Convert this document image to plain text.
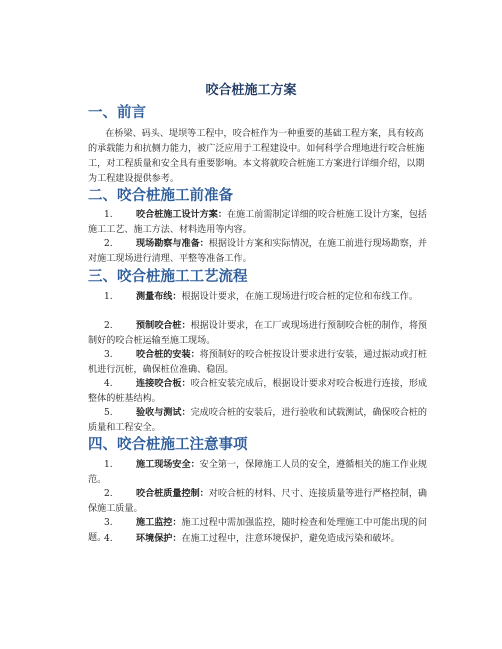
咬合桩施工方案
一、前言
在桥梁、码头、堤坝等工程中，咬合桩作为一种重要的基础工程方案，具有较高的承载能力和抗侧力能力，被广泛应用于工程建设中。如何科学合理地进行咬合桩施工，对工程质量和安全具有重要影响。本文将就咬合桩施工方案进行详细介绍，以期为工程建设提供参考。
二、咬合桩施工前准备
1.	咬合桩施工设计方案：在施工前需制定详细的咬合桩施工设计方案，包括施工工艺、施工方法、材料选用等内容。
2.	现场勘察与准备：根据设计方案和实际情况，在施工前进行现场勘察，并对施工现场进行清理、平整等准备工作。
三、咬合桩施工工艺流程
1.	测量布线：根据设计要求，在施工现场进行咬合桩的定位和布线工作。
2.	预制咬合桩：根据设计要求，在工厂或现场进行预制咬合桩的制作，将预制好的咬合桩运输至施工现场。
3.	咬合桩的安装：将预制好的咬合桩按设计要求进行安装，通过振动或打桩机进行沉桩，确保桩位准确、稳固。
4.	连接咬合板：咬合桩安装完成后，根据设计要求对咬合板进行连接，形成整体的桩基结构。
5.	验收与测试：完成咬合桩的安装后，进行验收和试载测试，确保咬合桩的质量和工程安全。
四、咬合桩施工注意事项
1.	施工现场安全：安全第一，保障施工人员的安全，遵循相关的施工作业规范。
2.	咬合桩质量控制：对咬合桩的材料、尺寸、连接质量等进行严格控制，确保施工质量。
3.	施工监控：施工过程中需加强监控，随时检查和处理施工中可能出现的问题。
4.	环境保护：在施工过程中，注意环境保护，避免造成污染和破坏。
